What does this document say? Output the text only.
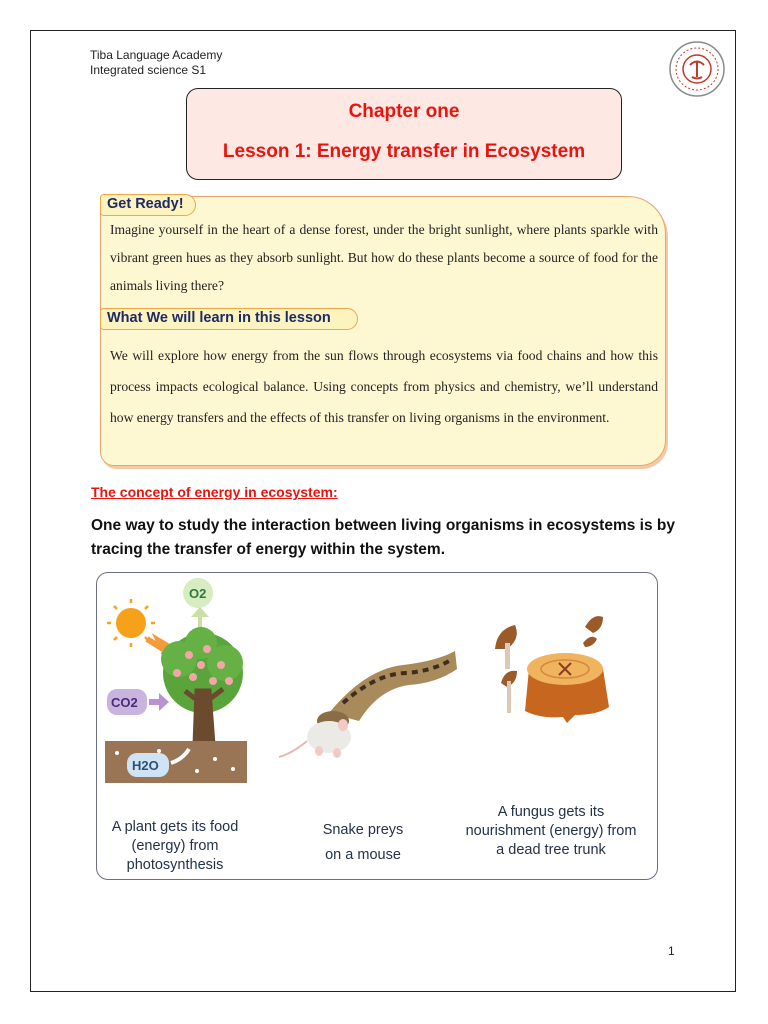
Tiba Language Academy
Integrated science S1
Chapter one
Lesson 1: Energy transfer in Ecosystem
Get Ready!
Imagine yourself in the heart of a dense forest, under the bright sunlight, where plants sparkle with vibrant green hues as they absorb sunlight. But how do these plants become a source of food for the animals living there?
What We will learn in this lesson
We will explore how energy from the sun flows through ecosystems via food chains and how this process impacts ecological balance. Using concepts from physics and chemistry, we’ll understand how energy transfers and the effects of this transfer on living organisms in the environment.
The concept of energy in ecosystem:
One way to study the interaction between living organisms in ecosystems is by tracing the transfer of energy within the system.
O2
CO2
H2O
A plant gets its food (energy) from photosynthesis
Snake preys on a mouse
A fungus gets its nourishment (energy) from a dead tree trunk
1
